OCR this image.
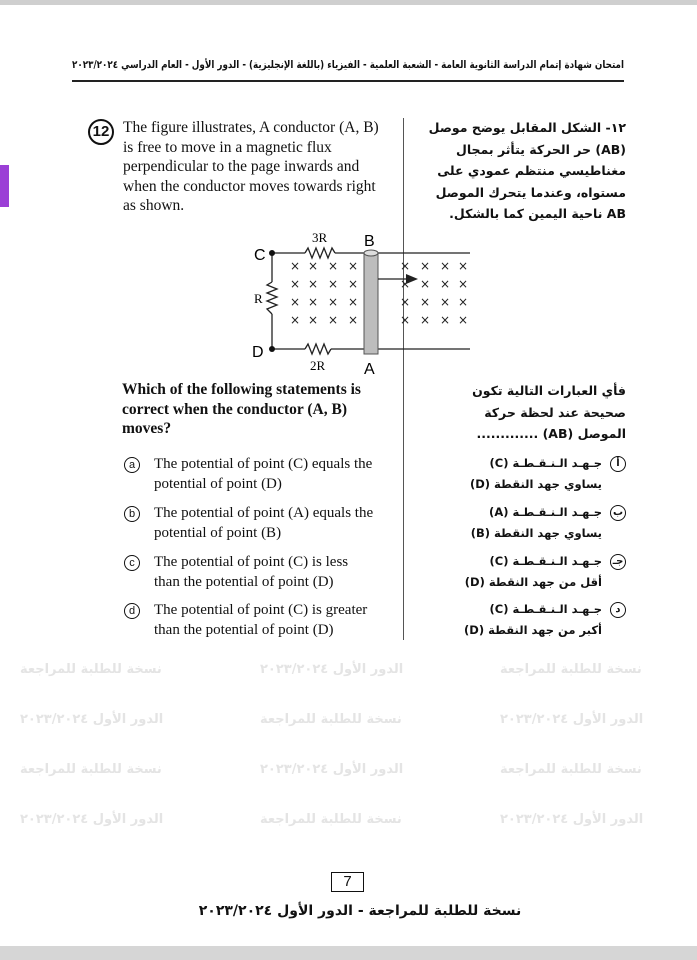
نسخة للطلبة للمراجعة	الدور الأول ٢٠٢٣/٢٠٢٤	نسخة للطلبة للمراجعة
الدور الأول ٢٠٢٣/٢٠٢٤	نسخة للطلبة للمراجعة	الدور الأول ٢٠٢٣/٢٠٢٤
نسخة للطلبة للمراجعة	الدور الأول ٢٠٢٣/٢٠٢٤	نسخة للطلبة للمراجعة
الدور الأول ٢٠٢٣/٢٠٢٤	نسخة للطلبة للمراجعة	الدور الأول ٢٠٢٣/٢٠٢٤
امتحان شهادة إتمام الدراسة الثانوية العامة - الشعبة العلمية - الفيزياء (باللغة الإنجليزية) - الدور الأول - العام الدراسي ٢٠٢٣/٢٠٢٤
12 The figure illustrates, A conductor (A, B)
is free to move in a magnetic flux
perpendicular to the page inwards and
when the conductor moves towards right
as shown.
١٢- الشكل المقابل يوضح موصل
(AB) حر الحركة يتأثر بمجال
مغناطيسي منتظم عمودي على
مستواه، وعندما يتحرك الموصل
AB ناحية اليمين كما بالشكل.
×
×
×
×
×
×
×
×
×
×
×
×
×
×
×
×
×
×
×
×
×
×
×
×
×
×
×
×
×
×
×
×
C
B
D
A
3R
R
2R
Which of the following statements is
correct when the conductor (A, B)
moves?
فأي العبارات التالية تكون
صحيحة عند لحظة حركة
الموصل (AB) .............
a	The potential of point (C) equals the
potential of point (D)
أجـهـد الـنـقـطـة (C)
يساوي جهد النقطة (D)
b	The potential of point (A) equals the
potential of point (B)
بجـهـد الـنـقـطـة (A)
يساوي جهد النقطة (B)
c	The potential of point (C) is less
than the potential of point (D)
جـجـهـد الـنـقـطـة (C)
أقل من جهد النقطة (D)
d	The potential of point (C) is greater
than the potential of point (D)
دجـهـد الـنـقـطـة (C)
أكبر من جهد النقطة (D)
7
نسخة للطلبة للمراجعة - الدور الأول ٢٠٢٣/٢٠٢٤
